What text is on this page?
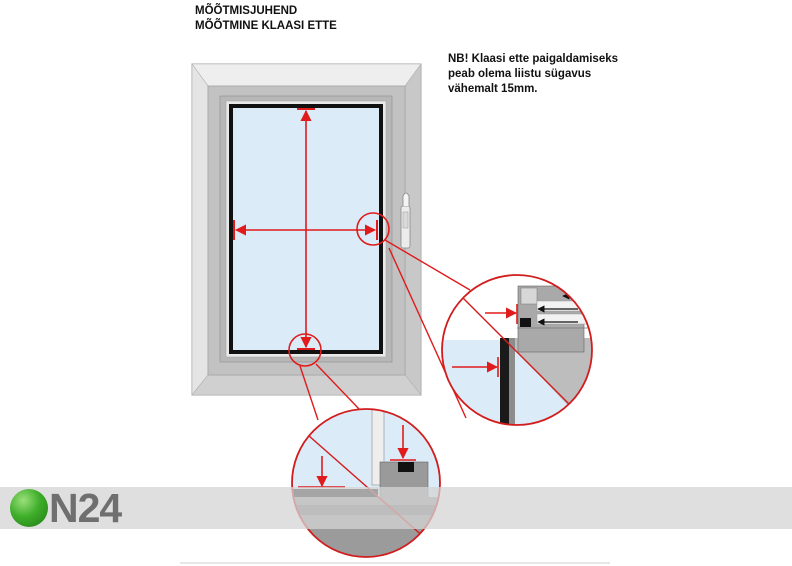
MÕÕTMISJUHEND
MÕÕTMINE KLAASI ETTE
NB! Klaasi ette paigaldamiseks
peab olema liistu sügavus
vähemalt 15mm.
N24
